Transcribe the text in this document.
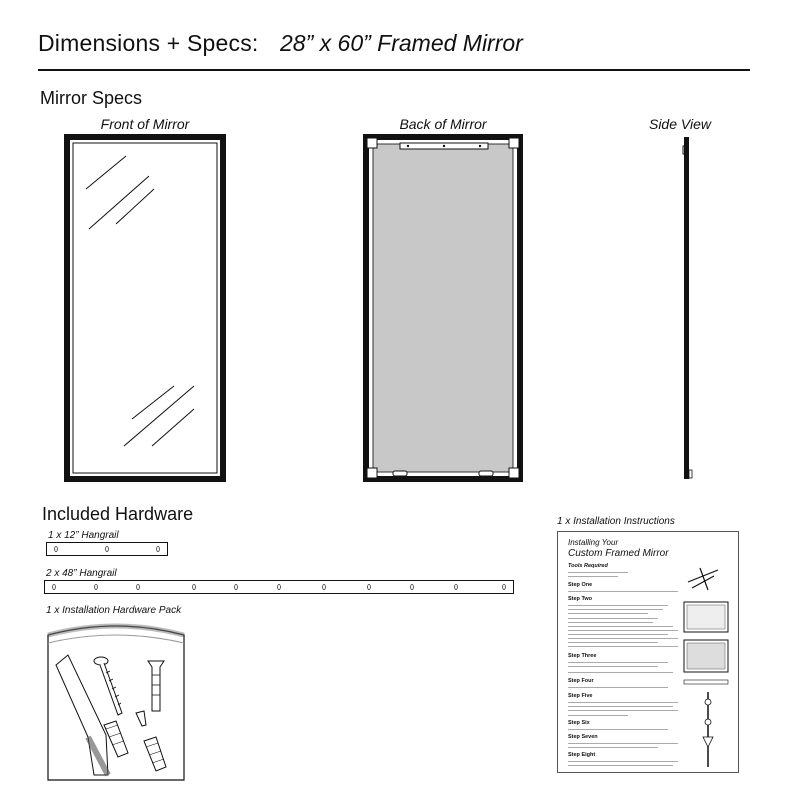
Dimensions + Specs: 28” x 60” Framed Mirror
Mirror Specs
Front of Mirror	Back of Mirror	Side View
Included Hardware
1 x 12” Hangrail
2 x 48” Hangrail
1 x Installation Hardware Pack
1 x Installation Instructions
Installing Your
Custom Framed Mirror
Tools Required
Step One
Step Two
Step Three
Step Four
Step Five
Step Six
Step Seven
Step Eight
